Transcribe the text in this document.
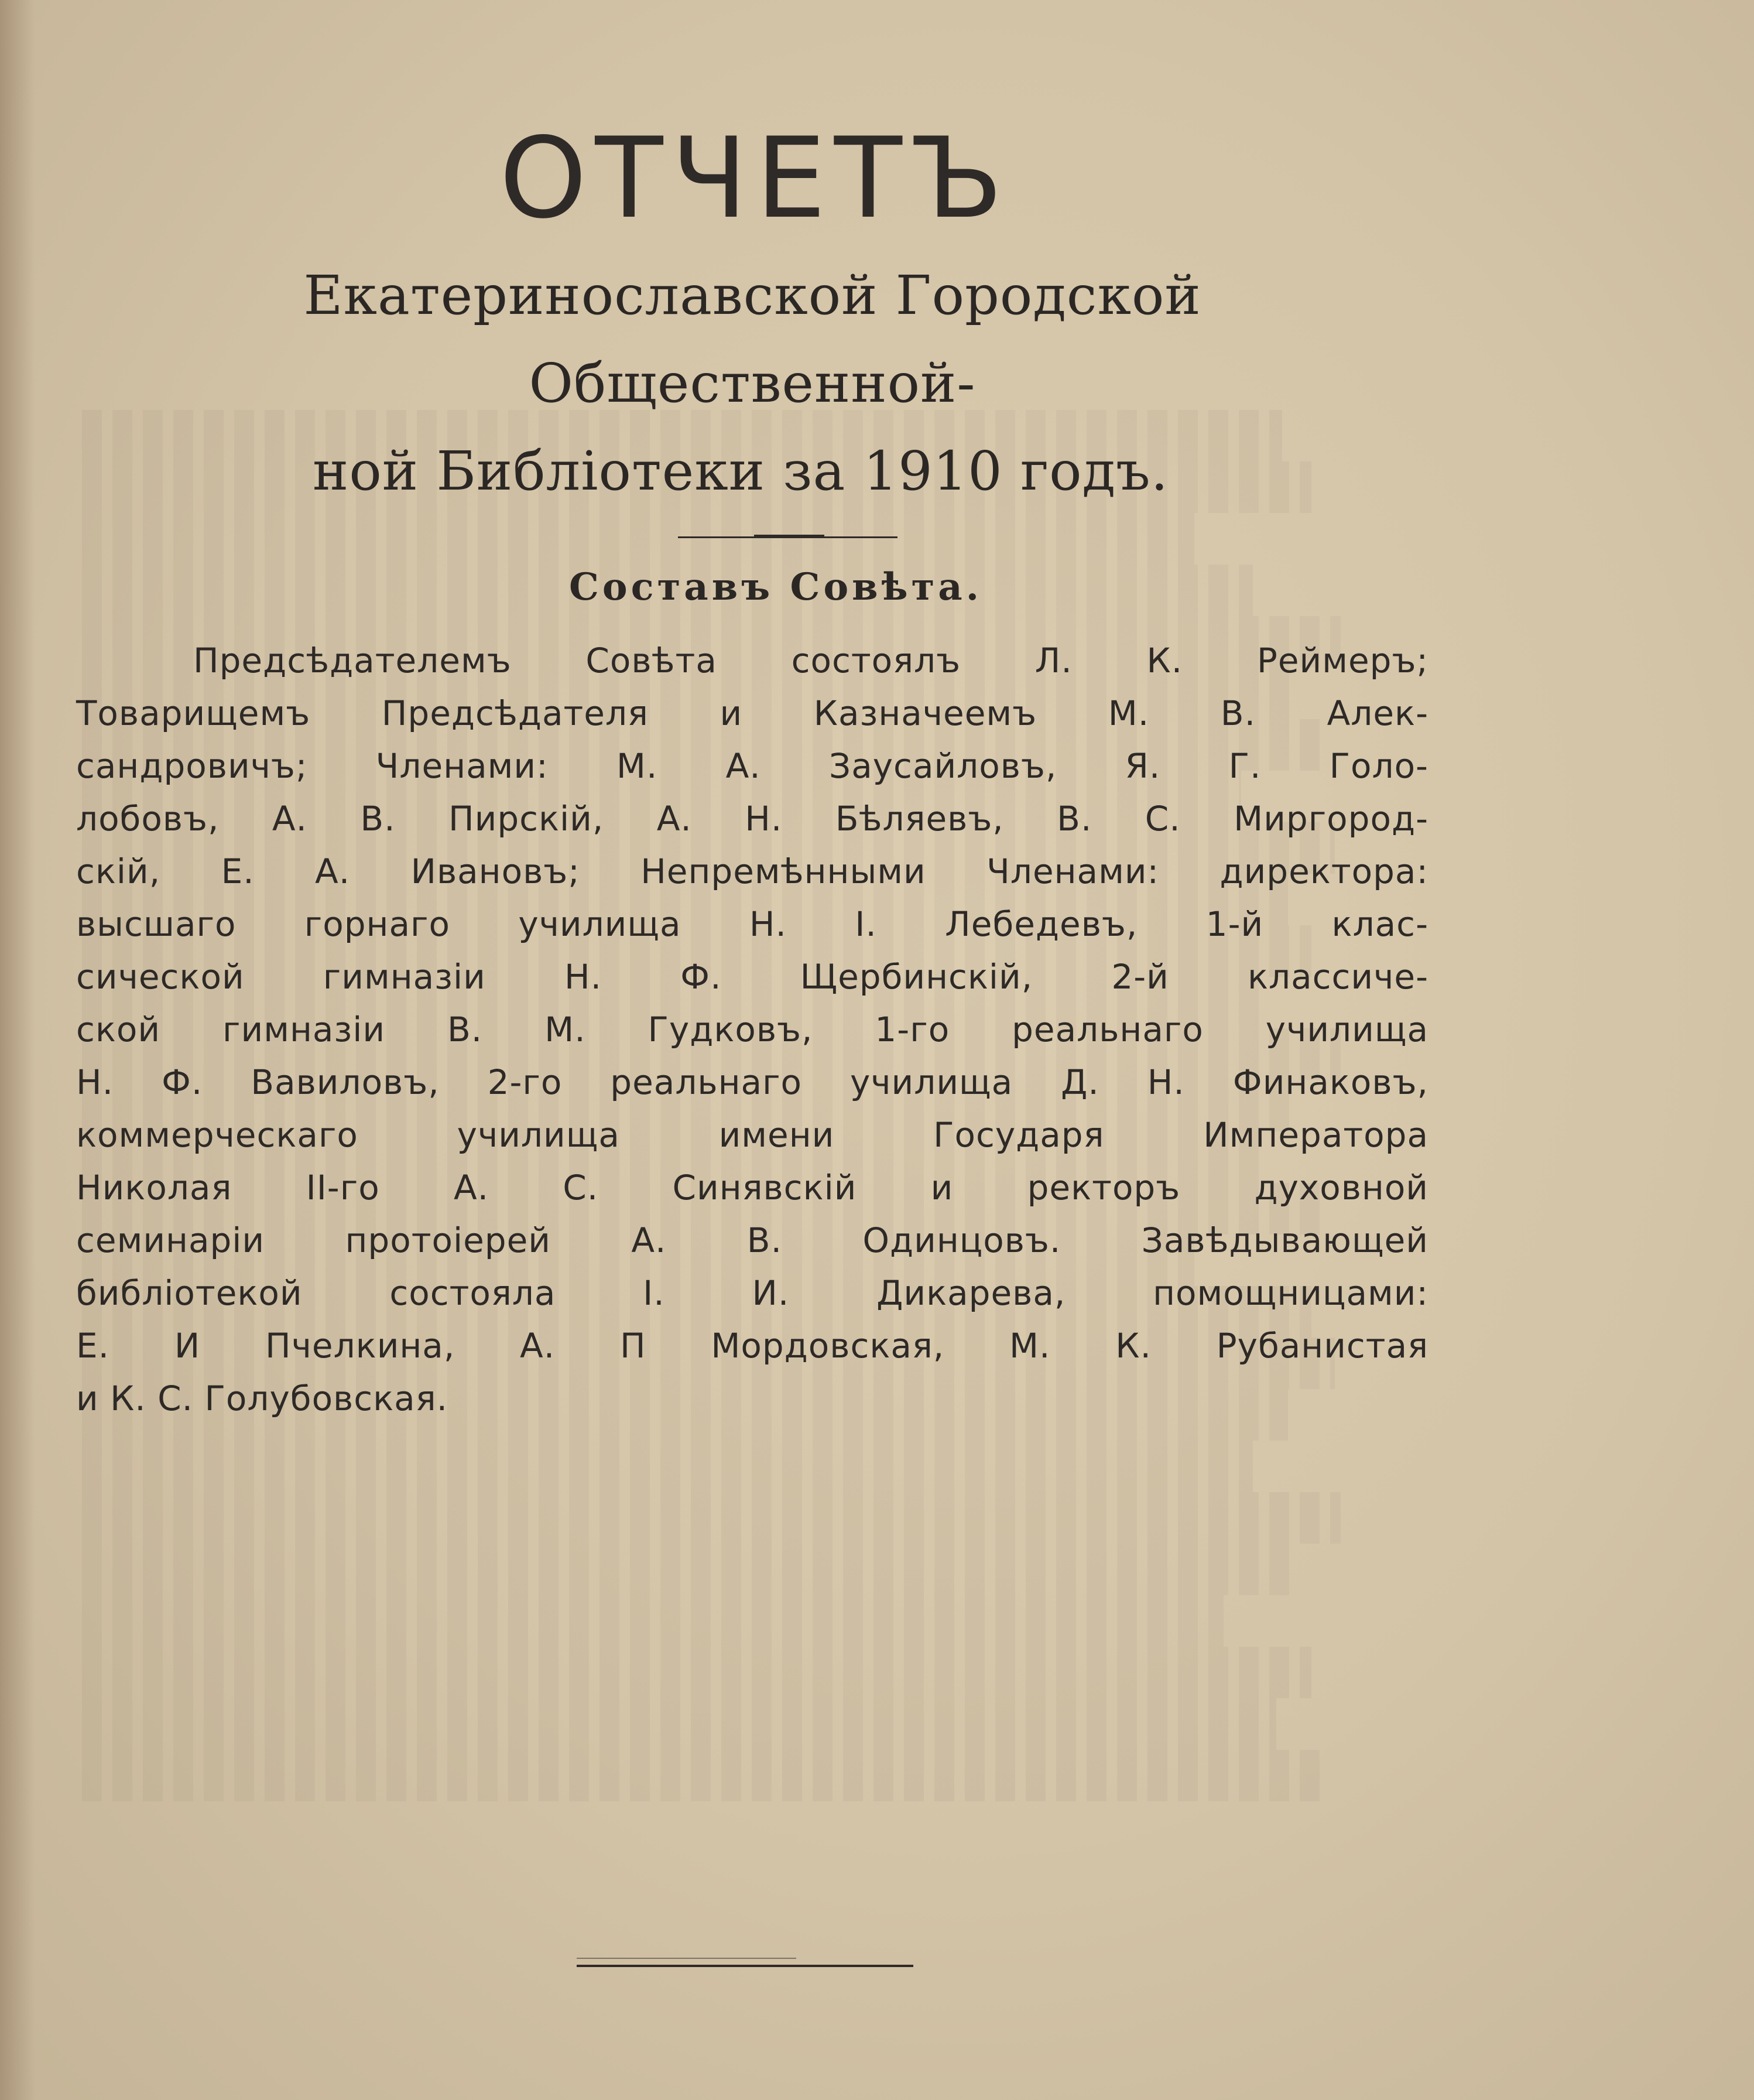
ОТЧЕТЪ
Екатеринославской Городской Общественной-
ной Библіотеки за 1910 годъ.
Составъ Совѣта.
Предсѣдателемъ Совѣта состоялъ Л. К. Реймеръ;
Товарищемъ Предсѣдателя и Казначеемъ М. В. Алек-
сандровичъ; Членами: М. А. Заусайловъ, Я. Г. Голо-
лобовъ, А. В. Пирскій, А. Н. Бѣляевъ, В. С. Миргород-
скій, Е. А. Ивановъ; Непремѣнными Членами: директора:
высшаго горнаго училища Н. І. Лебедевъ, 1-й клас-
сической гимназіи Н. Ф. Щербинскій, 2-й классиче-
ской гимназіи В. М. Гудковъ, 1-го реальнаго училища
Н. Ф. Вавиловъ, 2-го реальнаго училища Д. Н. Финаковъ,
коммерческаго училища имени Государя Императора
Николая ІІ-го А. С. Синявскій и ректоръ духовной
семинаріи протоіерей А. В. Одинцовъ. Завѣдывающей
библіотекой состояла І. И. Дикарева, помощницами:
Е. И Пчелкина, А. П Мордовская, М. К. Рубанистая
и К. С. Голубовская.
